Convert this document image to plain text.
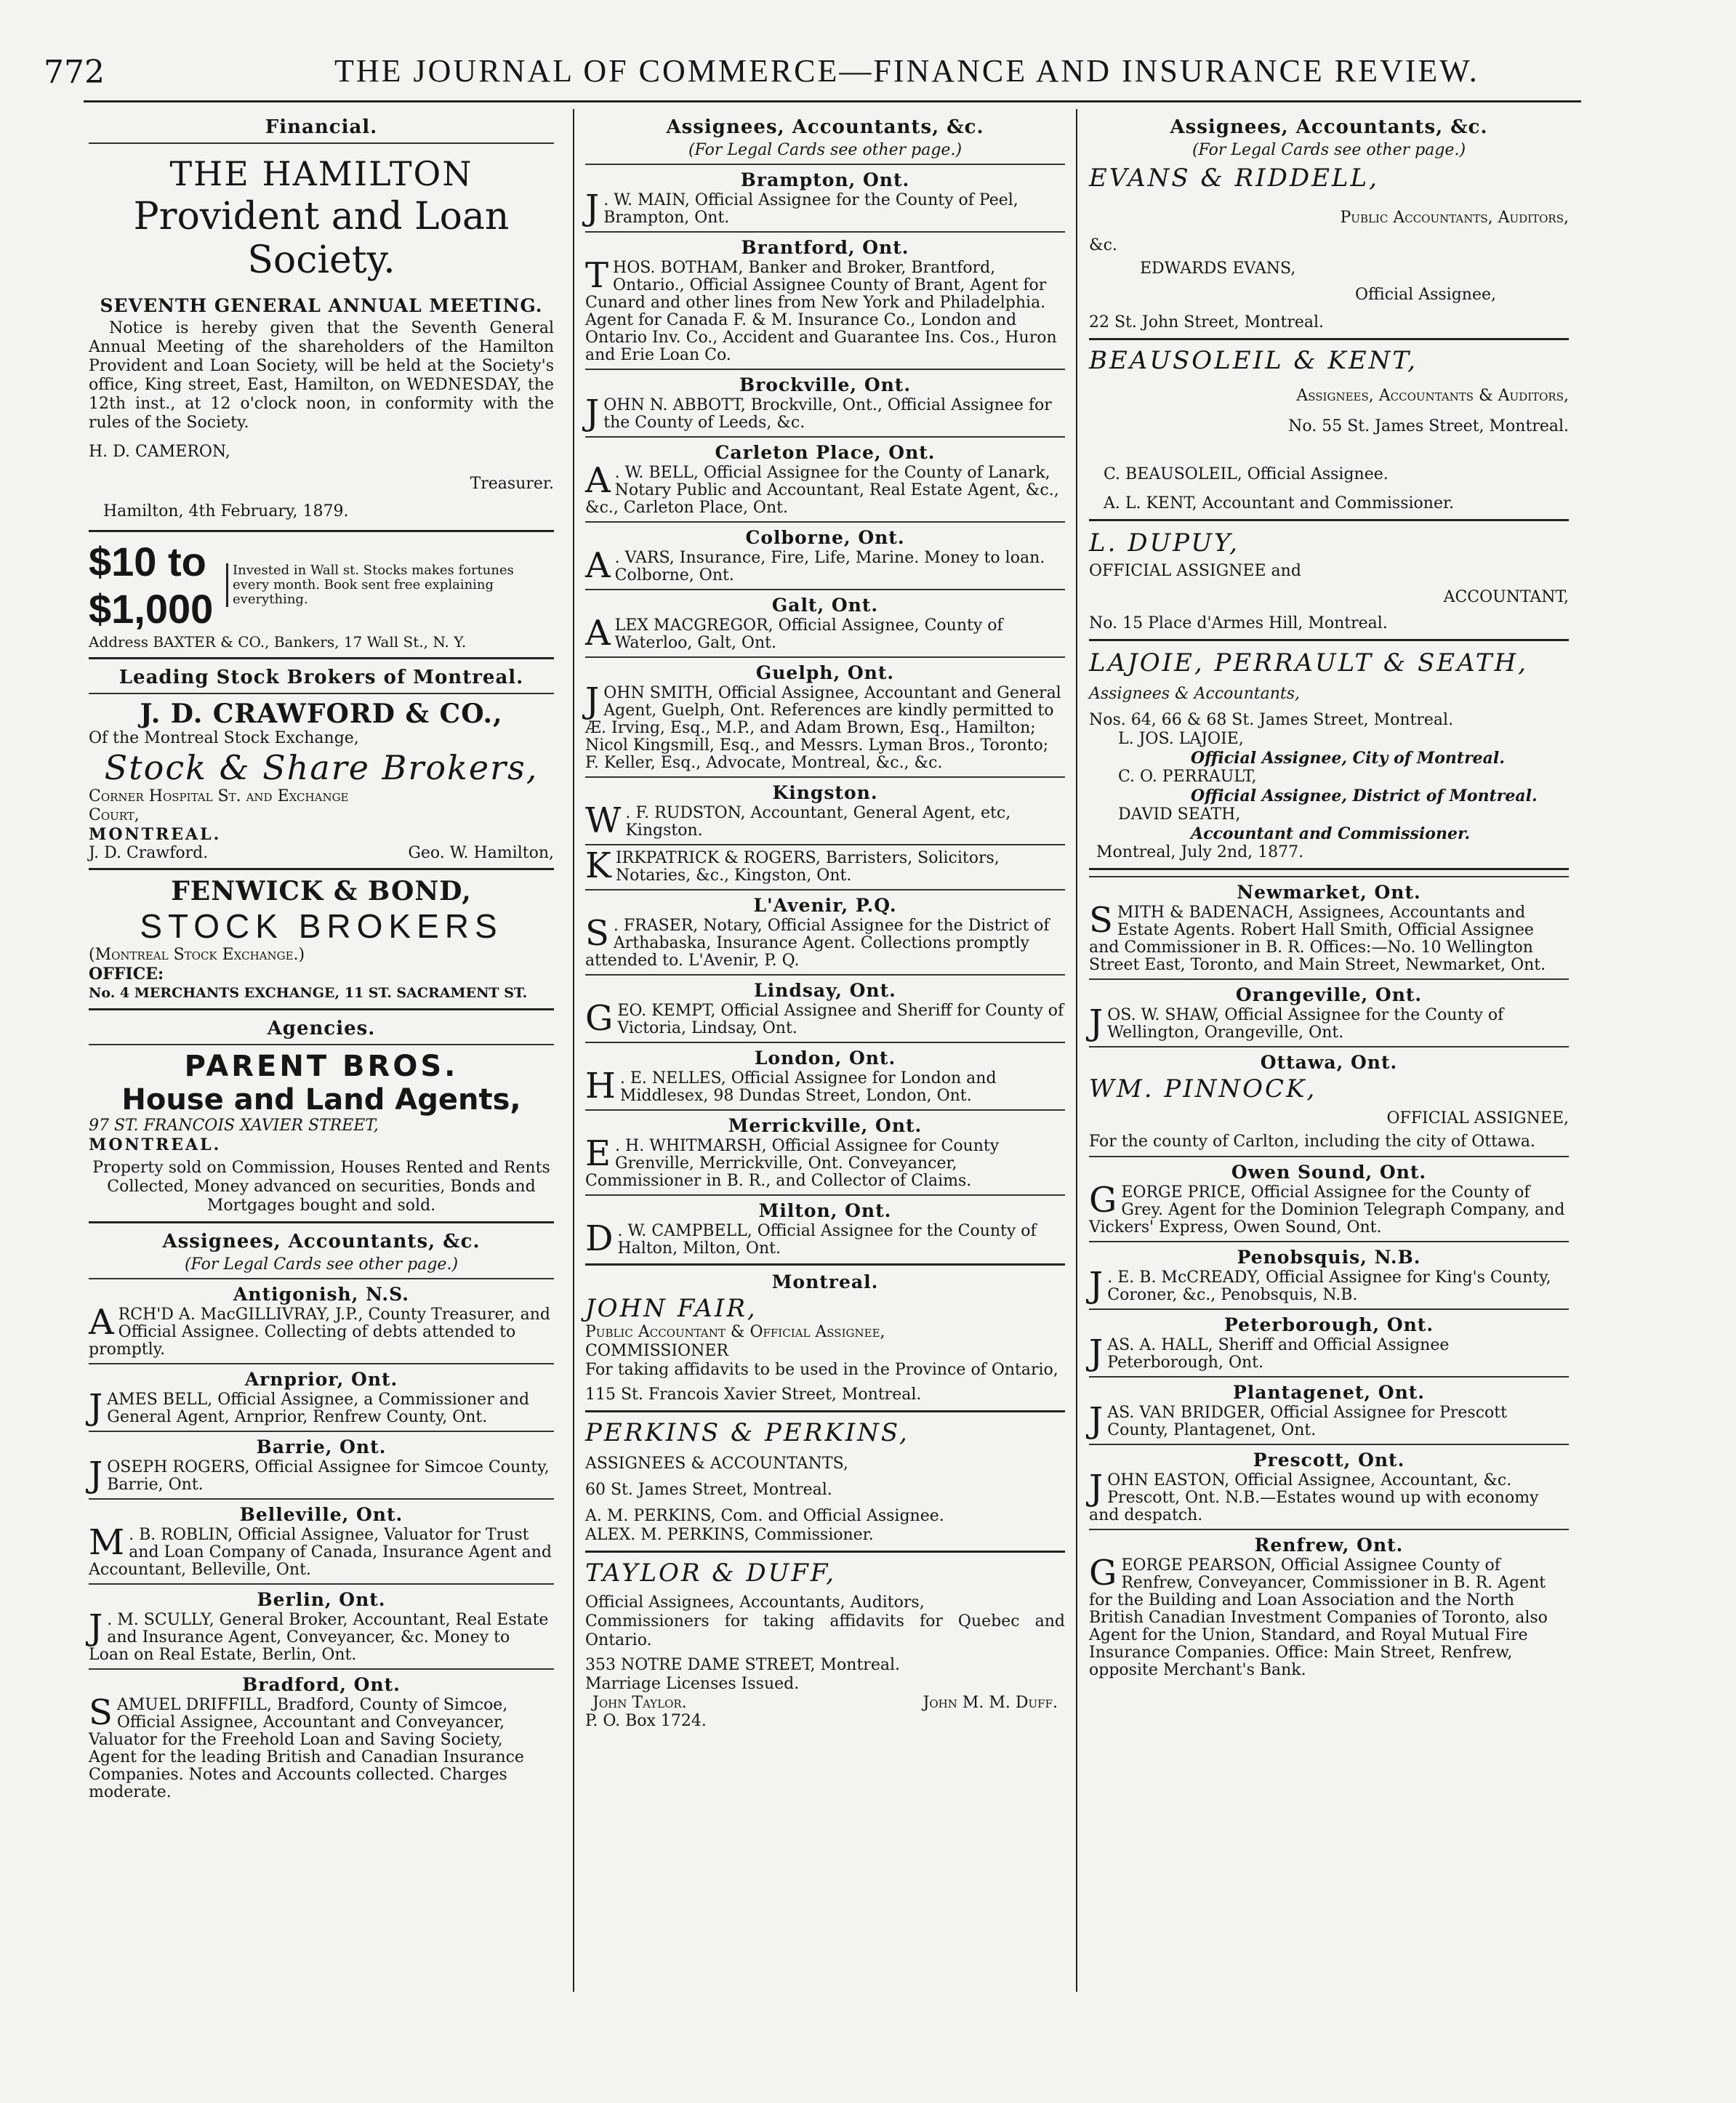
772	THE JOURNAL OF COMMERCE—FINANCE AND INSURANCE REVIEW.
Financial.
THE HAMILTON
Provident and Loan Society.
SEVENTH GENERAL ANNUAL MEETING.
Notice is hereby given that the Seventh General Annual Meeting of the shareholders of the Hamilton Provident and Loan Society, will be held at the Society's office, King street, East, Hamilton, on WEDNESDAY, the 12th inst., at 12 o'clock noon, in conformity with the rules of the Society.
H. D. CAMERON,
Treasurer.
Hamilton, 4th February, 1879.
$10 to $1,000
Invested in Wall st. Stocks makes fortunes every month. Book sent free explaining everything.
Address BAXTER & CO., Bankers, 17 Wall St., N. Y.
Leading Stock Brokers of Montreal.
J. D. CRAWFORD & CO.,
Of the Montreal Stock Exchange,
Stock & Share Brokers,
Corner Hospital St. and Exchange
Court,
MONTREAL.
J. D. Crawford.	Geo. W. Hamilton,
FENWICK & BOND,
STOCK BROKERS
(Montreal Stock Exchange.)
OFFICE:
No. 4 MERCHANTS EXCHANGE, 11 ST. SACRAMENT ST.
Agencies.
PARENT BROS.
House and Land Agents,
97 ST. FRANCOIS XAVIER STREET,
MONTREAL.
Property sold on Commission, Houses Rented and Rents Collected, Money advanced on securities, Bonds and Mortgages bought and sold.
Assignees, Accountants, &c.
(For Legal Cards see other page.)
Antigonish, N.S.
ARCH'D A. MacGILLIVRAY, J.P., County Treasurer, and Official Assignee. Collecting of debts attended to promptly.
Arnprior, Ont.
JAMES BELL, Official Assignee, a Commissioner and General Agent, Arnprior, Renfrew County, Ont.
Barrie, Ont.
JOSEPH ROGERS, Official Assignee for Simcoe County, Barrie, Ont.
Belleville, Ont.
M . B. ROBLIN, Official Assignee, Valuator for Trust and Loan Company of Canada, Insurance Agent and Accountant, Belleville, Ont.
Berlin, Ont.
J . M. SCULLY, General Broker, Accountant, Real Estate and Insurance Agent, Conveyancer, &c. Money to Loan on Real Estate, Berlin, Ont.
Bradford, Ont.
SAMUEL DRIFFILL, Bradford, County of Simcoe, Official Assignee, Accountant and Conveyancer, Valuator for the Freehold Loan and Saving Society, Agent for the leading British and Canadian Insurance Companies. Notes and Accounts collected. Charges moderate.
Assignees, Accountants, &c.
(For Legal Cards see other page.)
Brampton, Ont.
J . W. MAIN, Official Assignee for the County of Peel, Brampton, Ont.
Brantford, Ont.
THOS. BOTHAM, Banker and Broker, Brantford, Ontario., Official Assignee County of Brant, Agent for Cunard and other lines from New York and Philadelphia. Agent for Canada F. & M. Insurance Co., London and Ontario Inv. Co., Accident and Guarantee Ins. Cos., Huron and Erie Loan Co.
Brockville, Ont.
JOHN N. ABBOTT, Brockville, Ont., Official Assignee for the County of Leeds, &c.
Carleton Place, Ont.
A . W. BELL, Official Assignee for the County of Lanark, Notary Public and Accountant, Real Estate Agent, &c., &c., Carleton Place, Ont.
Colborne, Ont.
A . VARS, Insurance, Fire, Life, Marine. Money to loan. Colborne, Ont.
Galt, Ont.
ALEX MACGREGOR, Official Assignee, County of Waterloo, Galt, Ont.
Guelph, Ont.
JOHN SMITH, Official Assignee, Accountant and General Agent, Guelph, Ont. References are kindly permitted to Æ. Irving, Esq., M.P., and Adam Brown, Esq., Hamilton; Nicol Kingsmill, Esq., and Messrs. Lyman Bros., Toronto; F. Keller, Esq., Advocate, Montreal, &c., &c.
Kingston.
W . F. RUDSTON, Accountant, General Agent, etc, Kingston.
KIRKPATRICK & ROGERS, Barristers, Solicitors, Notaries, &c., Kingston, Ont.
L'Avenir, P.Q.
S . FRASER, Notary, Official Assignee for the District of Arthabaska, Insurance Agent. Collections promptly attended to. L'Avenir, P. Q.
Lindsay, Ont.
GEO. KEMPT, Official Assignee and Sheriff for County of Victoria, Lindsay, Ont.
London, Ont.
H . E. NELLES, Official Assignee for London and Middlesex, 98 Dundas Street, London, Ont.
Merrickville, Ont.
E . H. WHITMARSH, Official Assignee for County Grenville, Merrickville, Ont. Conveyancer, Commissioner in B. R., and Collector of Claims.
Milton, Ont.
D . W. CAMPBELL, Official Assignee for the County of Halton, Milton, Ont.
Montreal.
JOHN FAIR,
Public Accountant & Official Assignee,
COMMISSIONER
For taking affidavits to be used in the Province of Ontario,
115 St. Francois Xavier Street, Montreal.
PERKINS & PERKINS,
ASSIGNEES & ACCOUNTANTS,
60 St. James Street, Montreal.
A. M. PERKINS, Com. and Official Assignee.
ALEX. M. PERKINS, Commissioner.
TAYLOR & DUFF,
Official Assignees, Accountants, Auditors,
Commissioners for taking affidavits for Quebec and Ontario.
353 NOTRE DAME STREET, Montreal.
Marriage Licenses Issued.
John Taylor.	John M. M. Duff.
P. O. Box 1724.
Assignees, Accountants, &c.
(For Legal Cards see other page.)
EVANS & RIDDELL,
Public Accountants, Auditors,
&c.
EDWARDS EVANS,
Official Assignee,
22 St. John Street, Montreal.
BEAUSOLEIL & KENT,
Assignees, Accountants & Auditors,
No. 55 St. James Street, Montreal.
C. BEAUSOLEIL, Official Assignee.
A. L. KENT, Accountant and Commissioner.
L. DUPUY,
OFFICIAL ASSIGNEE and
ACCOUNTANT,
No. 15 Place d'Armes Hill, Montreal.
LAJOIE, PERRAULT & SEATH,
Assignees & Accountants,
Nos. 64, 66 & 68 St. James Street, Montreal.
L. JOS. LAJOIE,
Official Assignee, City of Montreal.
C. O. PERRAULT,
Official Assignee, District of Montreal.
DAVID SEATH,
Accountant and Commissioner.
Montreal, July 2nd, 1877.
Newmarket, Ont.
SMITH & BADENACH, Assignees, Accountants and Estate Agents. Robert Hall Smith, Official Assignee and Commissioner in B. R. Offices:—No. 10 Wellington Street East, Toronto, and Main Street, Newmarket, Ont.
Orangeville, Ont.
JOS. W. SHAW, Official Assignee for the County of Wellington, Orangeville, Ont.
Ottawa, Ont.
WM. PINNOCK,
OFFICIAL ASSIGNEE,
For the county of Carlton, including the city of Ottawa.
Owen Sound, Ont.
GEORGE PRICE, Official Assignee for the County of Grey. Agent for the Dominion Telegraph Company, and Vickers' Express, Owen Sound, Ont.
Penobsquis, N.B.
J . E. B. McCREADY, Official Assignee for King's County, Coroner, &c., Penobsquis, N.B.
Peterborough, Ont.
JAS. A. HALL, Sheriff and Official Assignee Peterborough, Ont.
Plantagenet, Ont.
JAS. VAN BRIDGER, Official Assignee for Prescott County, Plantagenet, Ont.
Prescott, Ont.
JOHN EASTON, Official Assignee, Accountant, &c. Prescott, Ont. N.B.—Estates wound up with economy and despatch.
Renfrew, Ont.
GEORGE PEARSON, Official Assignee County of Renfrew, Conveyancer, Commissioner in B. R. Agent for the Building and Loan Association and the North British Canadian Investment Companies of Toronto, also Agent for the Union, Standard, and Royal Mutual Fire Insurance Companies. Office: Main Street, Renfrew, opposite Merchant's Bank.
